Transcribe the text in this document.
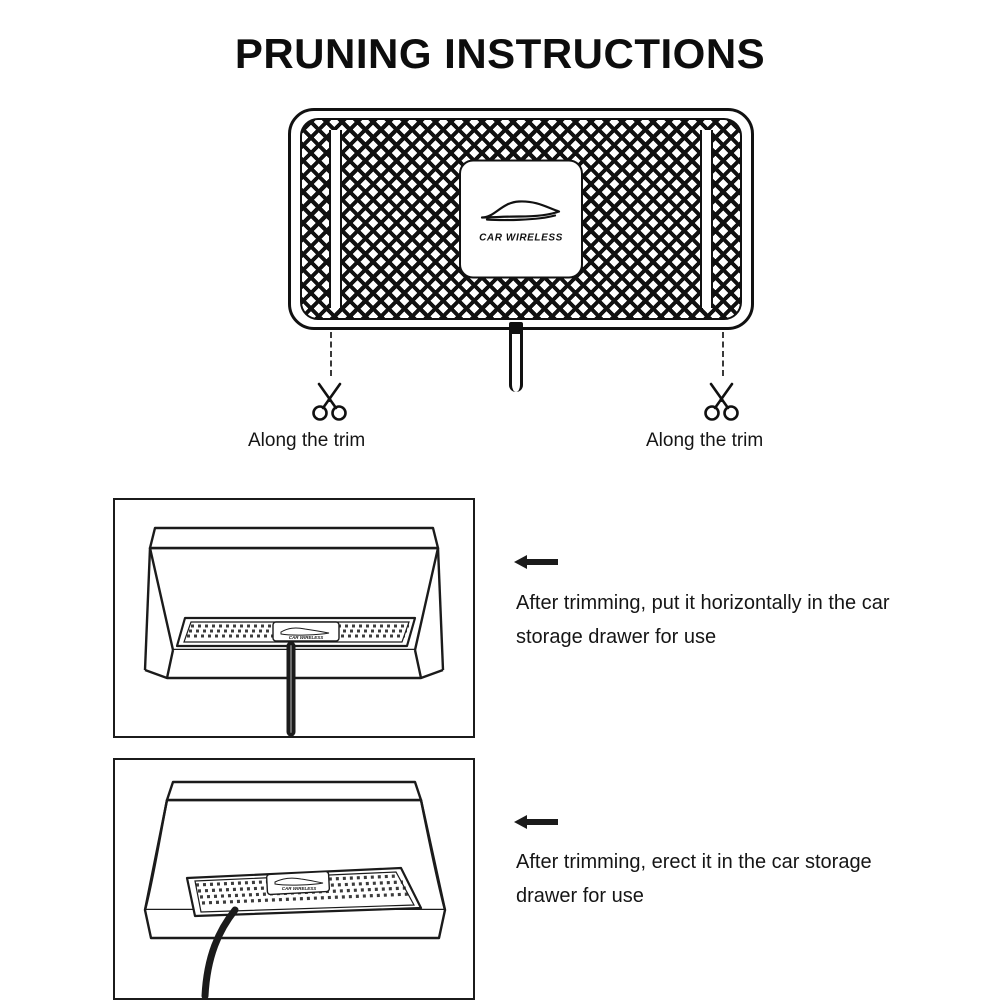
PRUNING INSTRUCTIONS
CAR WIRELESS
Along the trim	Along the trim
CAR WIRELESS
After trimming, put it horizontally in the car storage drawer for use
CAR WIRELESS
After trimming, erect it in the car storage drawer for use
